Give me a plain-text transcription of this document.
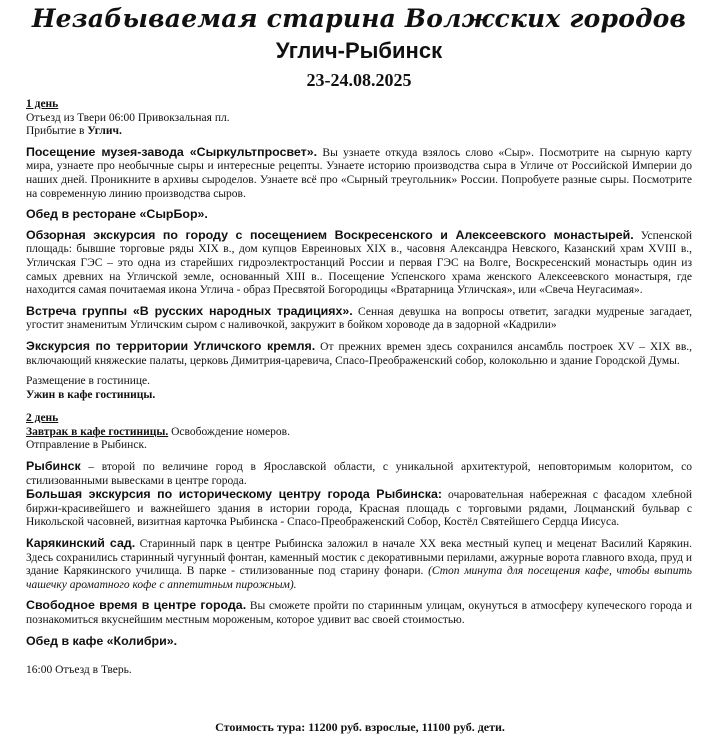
Незабываемая старина Волжских городов
Углич-Рыбинск
23-24.08.2025
1 день
Отъезд из Твери 06:00 Привокзальная пл.
Прибытие в Углич.
Посещение музея-завода «Сыркультпросвет». Вы узнаете откуда взялось слово «Сыр». Посмотрите на сырную карту мира, узнаете про необычные сыры и интересные рецепты. Узнаете историю производства сыра в Угличе от Российской Империи до наших дней. Проникните в архивы сыроделов. Узнаете всё про «Сырный треугольник» России. Попробуете разные сыры. Посмотрите на современную линию производства сыров.
Обед в ресторане «СырБор».
Обзорная экскурсия по городу с посещением Воскресенского и Алексеевского монастырей. Успенской площадь: бывшие торговые ряды XIX в., дом купцов Евреиновых XIX в., часовня Александра Невского, Казанский храм XVIII в., Угличская ГЭС – это одна из старейших гидроэлектростанций России и первая ГЭС на Волге, Воскресенский монастырь один из самых древних на Угличской земле, основанный XIII в.. Посещение Успенского храма женского Алексеевского монастыря, где находится самая почитаемая икона Углича - образ Пресвятой Богородицы «Вратарница Угличская», или «Свеча Неугасимая».
Встреча группы «В русских народных традициях». Сенная девушка на вопросы ответит, загадки мудреные загадает, угостит знаменитым Угличским сыром с наливочкой, закружит в бойком хороводе да в задорной «Кадрили»
Экскурсия по территории Угличского кремля. От прежних времен здесь сохранился ансамбль построек XV – XIX вв., включающий княжеские палаты, церковь Димитрия-царевича, Спасо-Преображенский собор, колокольню и здание Городской Думы.
Размещение в гостинице.
Ужин в кафе гостиницы.
2 день
Завтрак в кафе гостиницы. Освобождение номеров.
Отправление в Рыбинск.
Рыбинск – второй по величине город в Ярославской области, с уникальной архитектурой, неповторимым колоритом, со стилизованными вывесками в центре города.
Большая экскурсия по историческому центру города Рыбинска: очаровательная набережная с фасадом хлебной биржи-красивейшего и важнейшего здания в истории города, Красная площадь с торговыми рядами, Лоцманский бульвар с Никольской часовней, визитная карточка Рыбинска - Спасо-Преображенский Собор, Костёл Святейшего Сердца Иисуса.
Карякинский сад. Старинный парк в центре Рыбинска заложил в начале XX века местный купец и меценат Василий Карякин. Здесь сохранились старинный чугунный фонтан, каменный мостик с декоративными перилами, ажурные ворота главного входа, пруд и здание Карякинского училища. В парке - стилизованные под старину фонари. (Стоп минута для посещения кафе, чтобы выпить чашечку ароматного кофе с аппетитным пирожным).
Свободное время в центре города. Вы сможете пройти по старинным улицам, окунуться в атмосферу купеческого города и познакомиться вкуснейшим местным мороженым, которое удивит вас своей стоимостью.
Обед в кафе «Колибри».
16:00 Отъезд в Тверь.
Стоимость тура: 11200 руб. взрослые, 11100 руб. дети.
